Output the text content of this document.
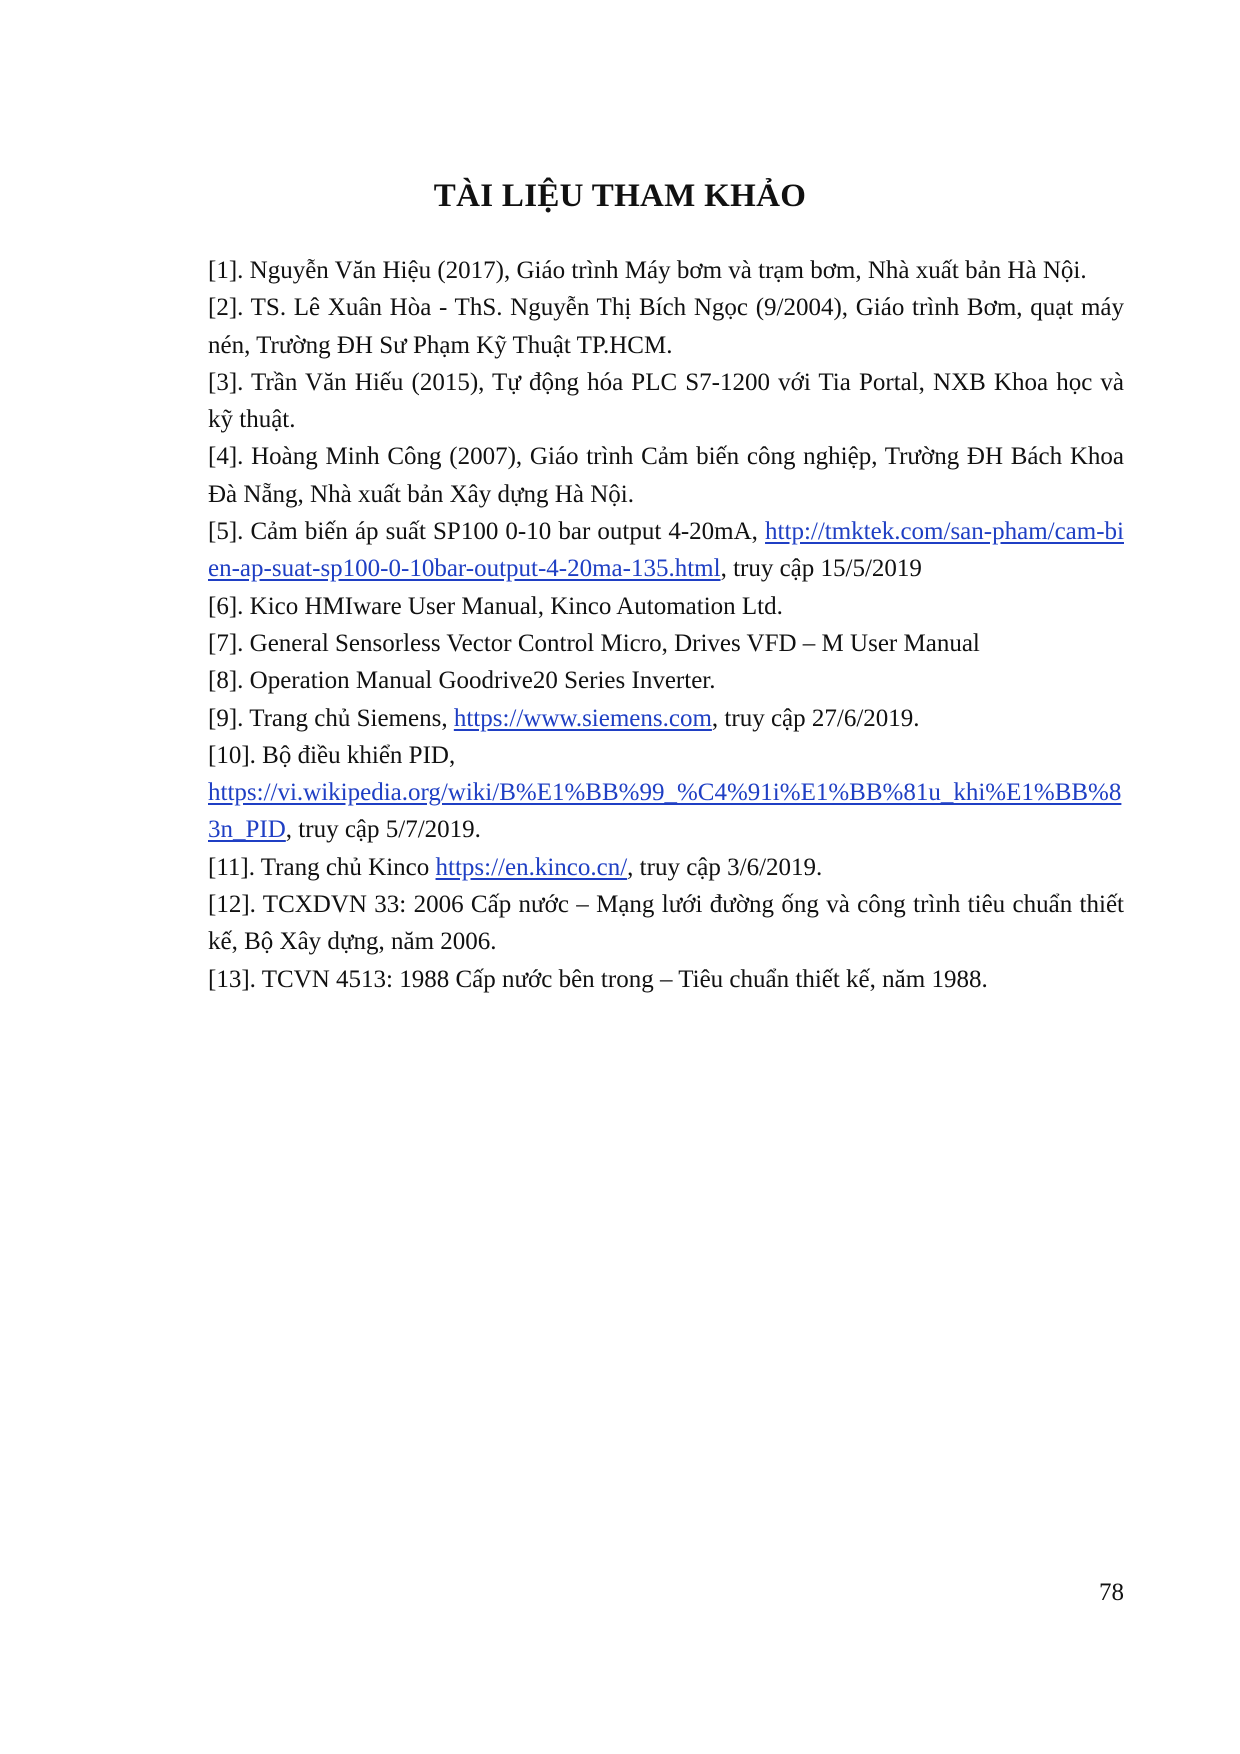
TÀI LIỆU THAM KHẢO

[1]. Nguyễn Văn Hiệu (2017), Giáo trình Máy bơm và trạm bơm, Nhà xuất bản Hà Nội.

[2]. TS. Lê Xuân Hòa - ThS. Nguyễn Thị Bích Ngọc (9/2004), Giáo trình Bơm, quạt máy nén, Trường ĐH Sư Phạm Kỹ Thuật TP.HCM.

[3]. Trần Văn Hiếu (2015), Tự động hóa PLC S7-1200 với Tia Portal, NXB Khoa học và kỹ thuật.

[4]. Hoàng Minh Công (2007), Giáo trình Cảm biến công nghiệp, Trường ĐH Bách Khoa Đà Nẵng, Nhà xuất bản Xây dựng Hà Nội.

[5]. Cảm biến áp suất SP100 0-10 bar output 4-20mA, http://tmktek.com/san-pham/cam-bien-ap-suat-sp100-0-10bar-output-4-20ma-135.html, truy cập 15/5/2019

[6]. Kico HMIware User Manual, Kinco Automation Ltd.

[7]. General Sensorless Vector Control Micro, Drives VFD – M User Manual

[8]. Operation Manual Goodrive20 Series Inverter.

[9]. Trang chủ Siemens, https://www.siemens.com, truy cập 27/6/2019.

[10]. Bộ điều khiển PID,
https://vi.wikipedia.org/wiki/B%E1%BB%99_%C4%91i%E1%BB%81u_khi%E1%BB%83n_PID, truy cập 5/7/2019.

[11]. Trang chủ Kinco https://en.kinco.cn/, truy cập 3/6/2019.

[12]. TCXDVN 33: 2006 Cấp nước – Mạng lưới đường ống và công trình tiêu chuẩn thiết kế, Bộ Xây dựng, năm 2006.

[13]. TCVN 4513: 1988 Cấp nước bên trong – Tiêu chuẩn thiết kế, năm 1988.

78
